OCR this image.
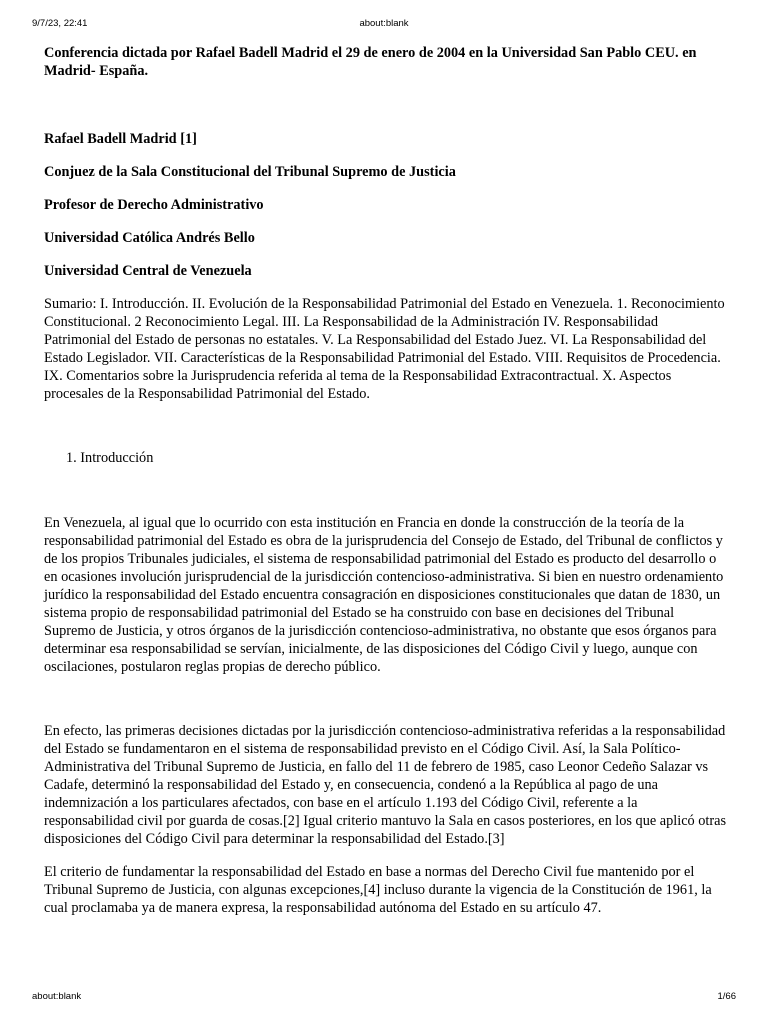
9/7/23, 22:41	about:blank

Conferencia dictada por Rafael Badell Madrid el 29 de enero de 2004 en la Universidad San Pablo CEU. en Madrid- España.

Rafael Badell Madrid [1]

Conjuez de la Sala Constitucional del Tribunal Supremo de Justicia

Profesor de Derecho Administrativo

Universidad Católica Andrés Bello

Universidad Central de Venezuela

Sumario: I. Introducción. II. Evolución de la Responsabilidad Patrimonial del Estado en Venezuela. 1. Reconocimiento Constitucional. 2 Reconocimiento Legal. III. La Responsabilidad de la Administración IV. Responsabilidad Patrimonial del Estado de personas no estatales. V. La Responsabilidad del Estado Juez. VI. La Responsabilidad del Estado Legislador. VII. Características de la Responsabilidad Patrimonial del Estado. VIII. Requisitos de Procedencia. IX. Comentarios sobre la Jurisprudencia referida al tema de la Responsabilidad Extracontractual. X. Aspectos procesales de la Responsabilidad Patrimonial del Estado.

1. Introducción

En Venezuela, al igual que lo ocurrido con esta institución en Francia en donde la construcción de la teoría de la responsabilidad patrimonial del Estado es obra de la jurisprudencia del Consejo de Estado, del Tribunal de conflictos y de los propios Tribunales judiciales, el sistema de responsabilidad patrimonial del Estado es producto del desarrollo o en ocasiones involución jurisprudencial de la jurisdicción contencioso-administrativa. Si bien en nuestro ordenamiento jurídico la responsabilidad del Estado encuentra consagración en disposiciones constitucionales que datan de 1830, un sistema propio de responsabilidad patrimonial del Estado se ha construido con base en decisiones del Tribunal Supremo de Justicia, y otros órganos de la jurisdicción contencioso-administrativa, no obstante que esos órganos para determinar esa responsabilidad se servían, inicialmente, de las disposiciones del Código Civil y luego, aunque con oscilaciones, postularon reglas propias de derecho público.

En efecto, las primeras decisiones dictadas por la jurisdicción contencioso-administrativa referidas a la responsabilidad del Estado se fundamentaron en el sistema de responsabilidad previsto en el Código Civil. Así, la Sala Político-Administrativa del Tribunal Supremo de Justicia, en fallo del 11 de febrero de 1985, caso Leonor Cedeño Salazar vs Cadafe, determinó la responsabilidad del Estado y, en consecuencia, condenó a la República al pago de una indemnización a los particulares afectados, con base en el artículo 1.193 del Código Civil, referente a la responsabilidad civil por guarda de cosas.[2] Igual criterio mantuvo la Sala en casos posteriores, en los que aplicó otras disposiciones del Código Civil para determinar la responsabilidad del Estado.[3]

El criterio de fundamentar la responsabilidad del Estado en base a normas del Derecho Civil fue mantenido por el Tribunal Supremo de Justicia, con algunas excepciones,[4] incluso durante la vigencia de la Constitución de 1961, la cual proclamaba ya de manera expresa, la responsabilidad autónoma del Estado en su artículo 47.

about:blank	1/66
